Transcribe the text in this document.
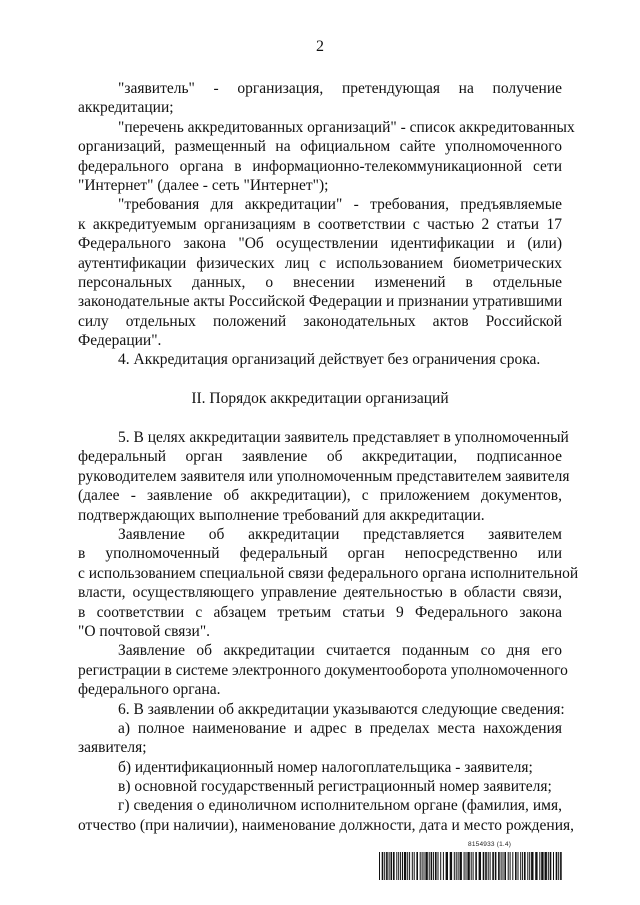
2
"заявитель" - организация, претендующая на получение
аккредитации;
"перечень аккредитованных организаций" - список аккредитованных
организаций, размещенный на официальном сайте уполномоченного
федерального органа в информационно-телекоммуникационной сети
"Интернет" (далее - сеть "Интернет");
"требования для аккредитации" - требования, предъявляемые
к аккредитуемым организациям в соответствии с частью 2 статьи 17
Федерального закона "Об осуществлении идентификации и (или)
аутентификации физических лиц с использованием биометрических
персональных данных, о внесении изменений в отдельные
законодательные акты Российской Федерации и признании утратившими
силу отдельных положений законодательных актов Российской
Федерации".
4. Аккредитация организаций действует без ограничения срока.
II. Порядок аккредитации организаций
5. В целях аккредитации заявитель представляет в уполномоченный
федеральный орган заявление об аккредитации, подписанное
руководителем заявителя или уполномоченным представителем заявителя
(далее - заявление об аккредитации), с приложением документов,
подтверждающих выполнение требований для аккредитации.
Заявление об аккредитации представляется заявителем
в уполномоченный федеральный орган непосредственно или
с использованием специальной связи федерального органа исполнительной
власти, осуществляющего управление деятельностью в области связи,
в соответствии с абзацем третьим статьи 9 Федерального закона
"О почтовой связи".
Заявление об аккредитации считается поданным со дня его
регистрации в системе электронного документооборота уполномоченного
федерального органа.
6. В заявлении об аккредитации указываются следующие сведения:
а) полное наименование и адрес в пределах места нахождения
заявителя;
б) идентификационный номер налогоплательщика - заявителя;
в) основной государственный регистрационный номер заявителя;
г) сведения о единоличном исполнительном органе (фамилия, имя,
отчество (при наличии), наименование должности, дата и место рождения,
8154933 (1.4)
